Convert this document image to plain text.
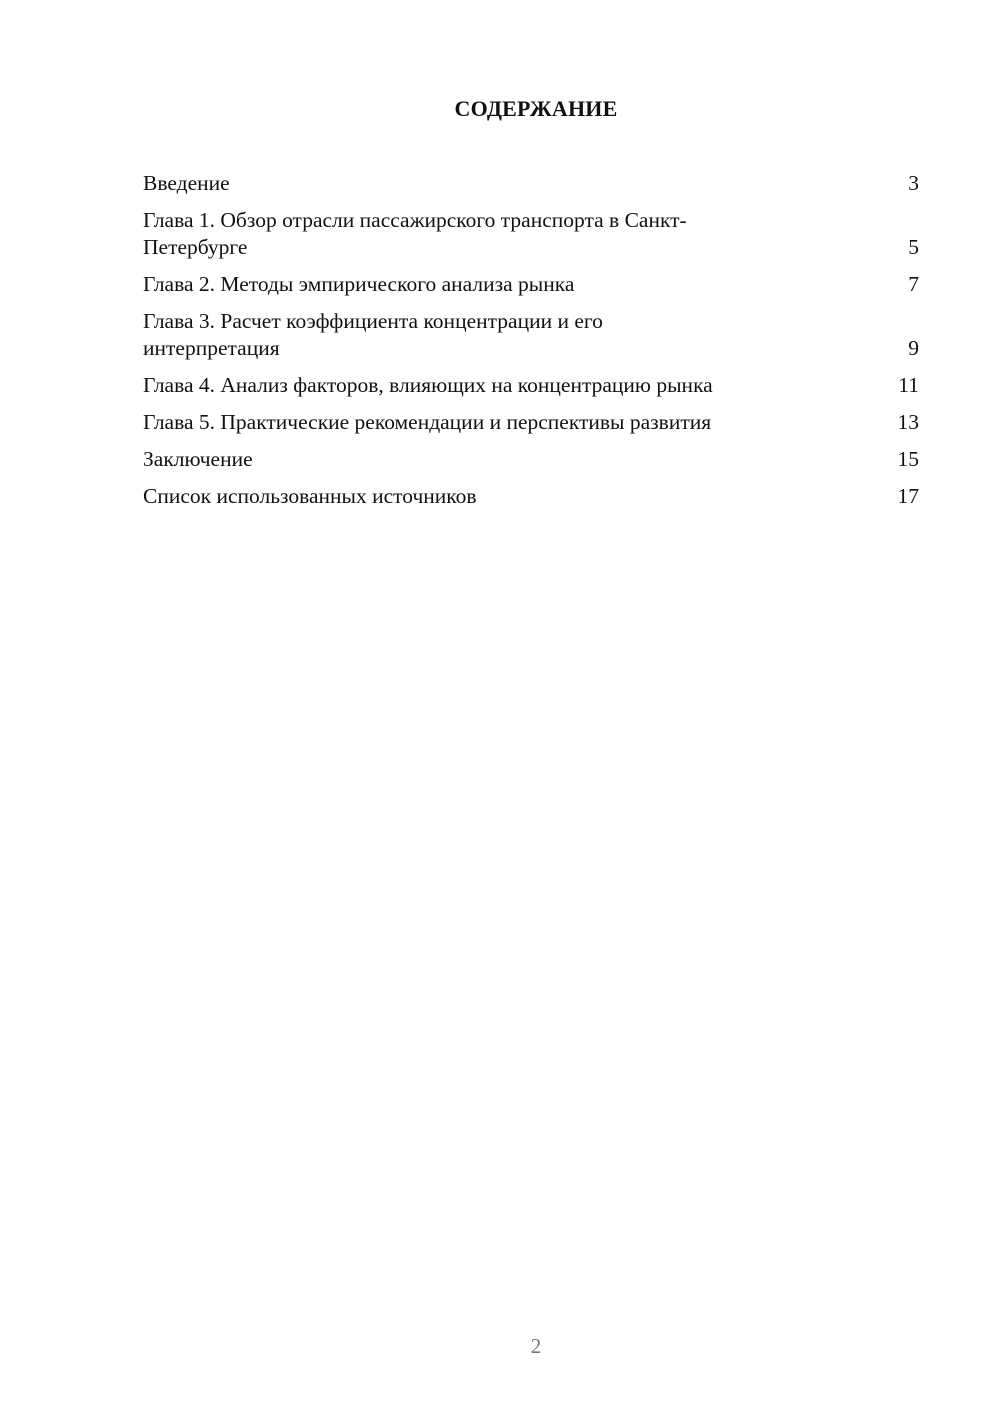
СОДЕРЖАНИЕ
Введение	3
Глава 1. Обзор отрасли пассажирского транспорта в Санкт-Петербурге	5
Глава 2. Методы эмпирического анализа рынка	7
Глава 3. Расчет коэффициента концентрации и его интерпретация	9
Глава 4. Анализ факторов, влияющих на концентрацию рынка	11
Глава 5. Практические рекомендации и перспективы развития	13
Заключение	15
Список использованных источников	17
2
